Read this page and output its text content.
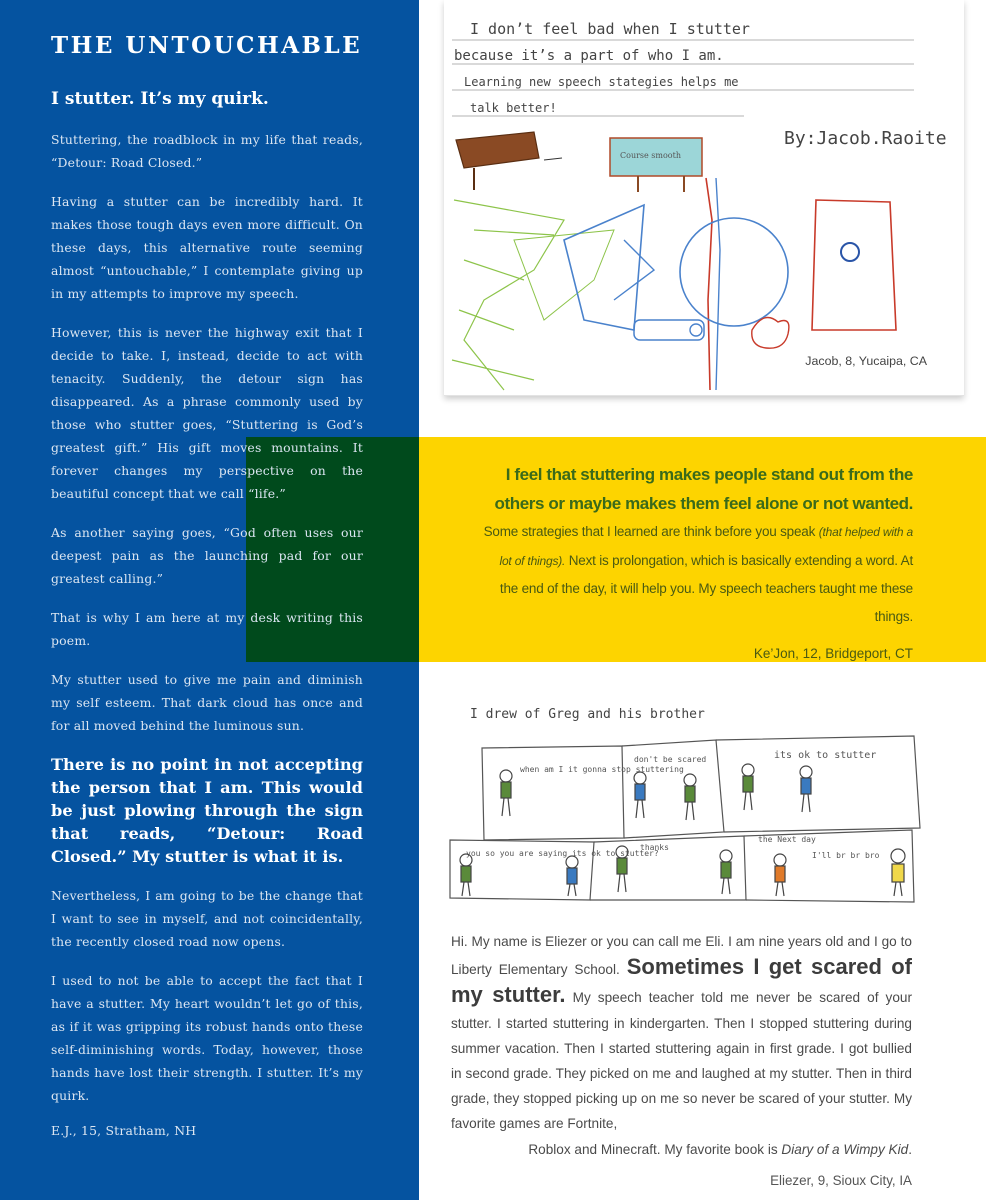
THE UNTOUCHABLE
I stutter. It’s my quirk.

Stuttering, the roadblock in my life that reads, “Detour: Road Closed.”

Having a stutter can be incredibly hard. It makes those tough days even more difficult. On these days, this alternative route seeming almost “untouchable,” I contemplate giving up in my attempts to improve my speech.

However, this is never the highway exit that I decide to take. I, instead, decide to act with tenacity. Suddenly, the detour sign has disappeared. As a phrase commonly used by those who stutter goes, “Stuttering is God’s greatest gift.” His gift moves mountains. It forever changes my perspective on the beautiful concept that we call “life.”

As another saying goes, “God often uses our deepest pain as the launching pad for our greatest calling.”

That is why I am here at my desk writing this poem.

My stutter used to give me pain and diminish my self esteem. That dark cloud has once and for all moved behind the luminous sun.

There is no point in not accepting the person that I am. This would be just plowing through the sign that reads, “Detour: Road Closed.” My stutter is what it is.

Nevertheless, I am going to be the change that I want to see in myself, and not coincidentally, the recently closed road now opens.

I used to not be able to accept the fact that I have a stutter. My heart wouldn’t let go of this, as if it was gripping its robust hands onto these self-diminishing words. Today, however, those hands have lost their strength. I stutter. It’s my quirk.

E.J., 15, Stratham, NH
I don’t feel bad when I stutter
because it’s a part of who I am.
Learning new speech stategies helps me
talk better!
By:Jacob.Raoite
Course smooth
Jacob, 8, Yucaipa, CA

I feel that stuttering makes people stand out from the others or maybe makes them feel alone or not wanted. Some strategies that I learned are think before you speak (that helped with a lot of things). Next is prolongation, which is basically extending a word. At the end of the day, it will help you. My speech teachers taught me these things.

Ke’Jon, 12, Bridgeport, CT
I drew of Greg and his brother
when am I it gonna stop stuttering
don't be scared	its ok to stutter
you so you are saying its ok to stutter?
thanks
the Next day
I'll br br bro

Hi. My name is Eliezer or you can call me Eli. I am nine years old and I go to Liberty Elementary School. Sometimes I get scared of my stutter. My speech teacher told me never be scared of your stutter. I started stuttering in kindergarten. Then I stopped stuttering during summer vacation. Then I started stuttering again in first grade. I got bullied in second grade. They picked on me and laughed at my stutter. Then in third grade, they stopped picking up on me so never be scared of your stutter. My favorite games are Fortnite,

Roblox and Minecraft. My favorite book is Diary of a Wimpy Kid.

Eliezer, 9, Sioux City, IA
